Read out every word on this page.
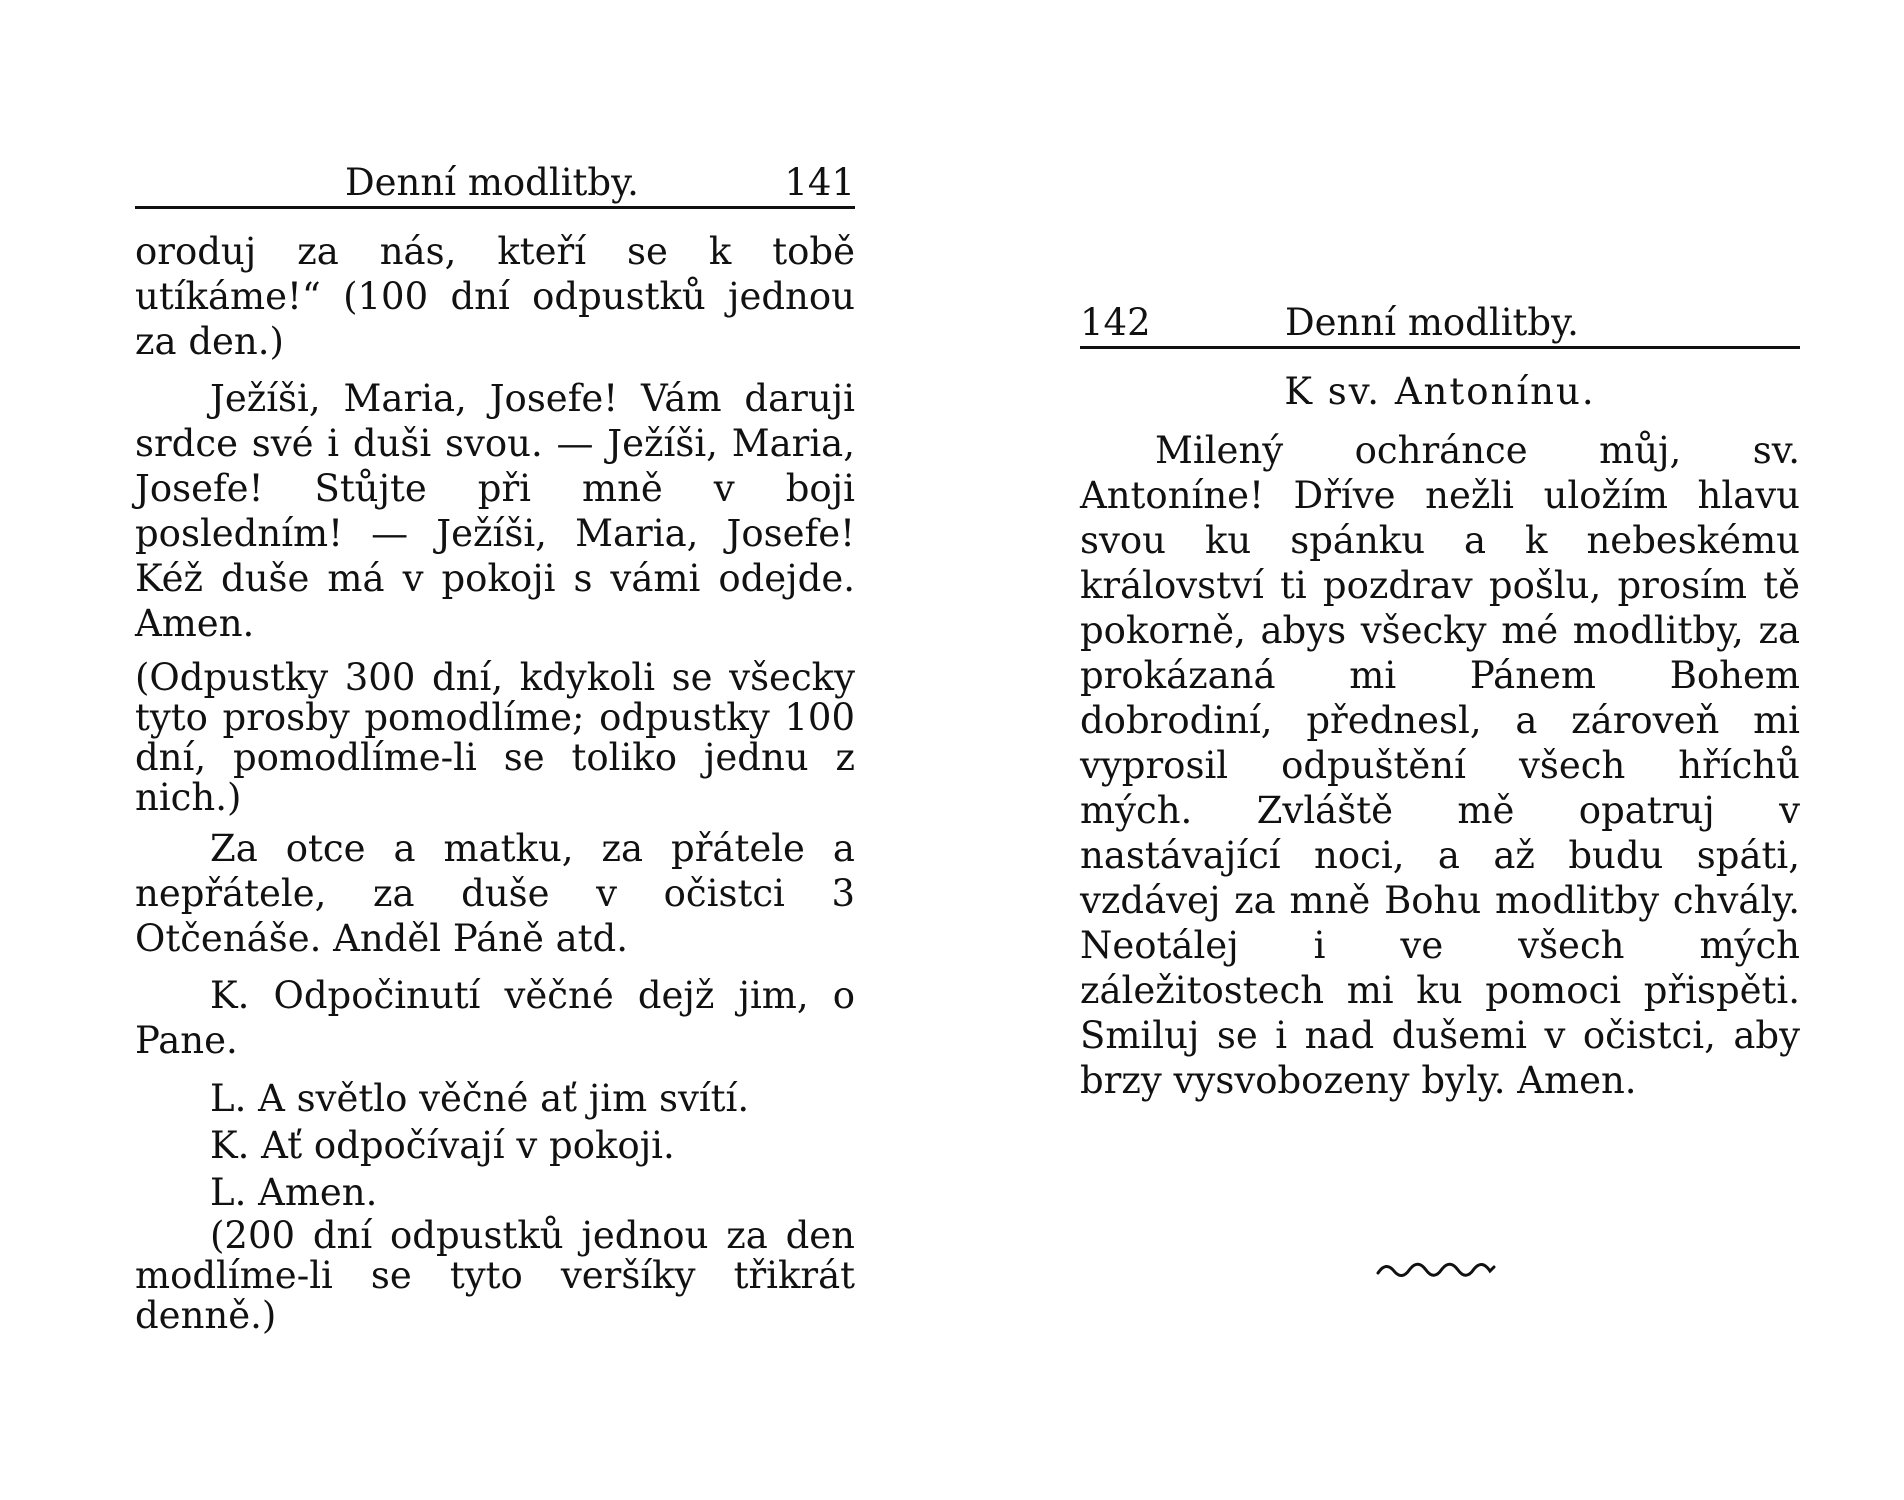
Denní modlitby.	141

oroduj za nás, kteří se k tobě utíkáme!“ (100 dní odpustků jednou za den.)

Ježíši, Maria, Josefe! Vám daruji srdce své i duši svou. — Ježíši, Maria, Josefe! Stůjte při mně v boji posledním! — Ježíši, Maria, Josefe! Kéž duše má v pokoji s vámi odejde. Amen.

(Odpustky 300 dní, kdykoli se všecky tyto prosby pomodlíme; odpustky 100 dní, pomodlíme-li se toliko jednu z nich.)

Za otce a matku, za přátele a nepřátele, za duše v očistci 3 Otčenáše. Anděl Páně atd.

K. Odpočinutí věčné dejž jim, o Pane.

L. A světlo věčné ať jim svítí.

K. Ať odpočívají v pokoji.

L. Amen.

(200 dní odpustků jednou za den modlíme-li se tyto veršíky třikrát denně.)

142	Denní modlitby.
K sv. Antonínu.

Milený ochránce můj, sv. Antoníne! Dříve nežli uložím hlavu svou ku spánku a k nebeskému království ti pozdrav pošlu, prosím tě pokorně, abys všecky mé modlitby, za prokázaná mi Pánem Bohem dobrodiní, přednesl, a zároveň mi vyprosil odpuštění všech hříchů mých. Zvláště mě opatruj v nastávající noci, a až budu spáti, vzdávej za mně Bohu modlitby chvály. Neotálej i ve všech mých záležitostech mi ku pomoci přispěti. Smiluj se i nad dušemi v očistci, aby brzy vysvobozeny byly. Amen.
